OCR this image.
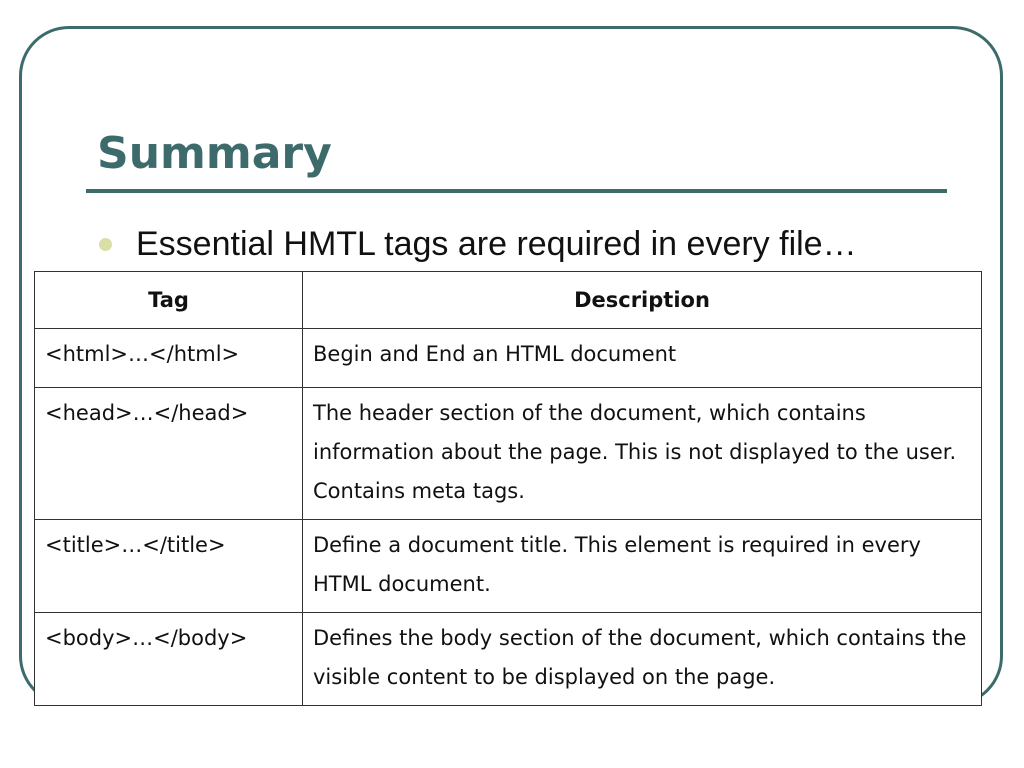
Summary
Essential HMTL tags are required in every file…
Tag	Description
<html>…</html>	Begin and End an HTML document
<head>…</head>	The header section of the document, which contains information about the page. This is not displayed to the user. Contains meta tags.
<title>…</title>	Define a document title. This element is required in every HTML document.
<body>…</body>	Defines the body section of the document, which contains the visible content to be displayed on the page.
